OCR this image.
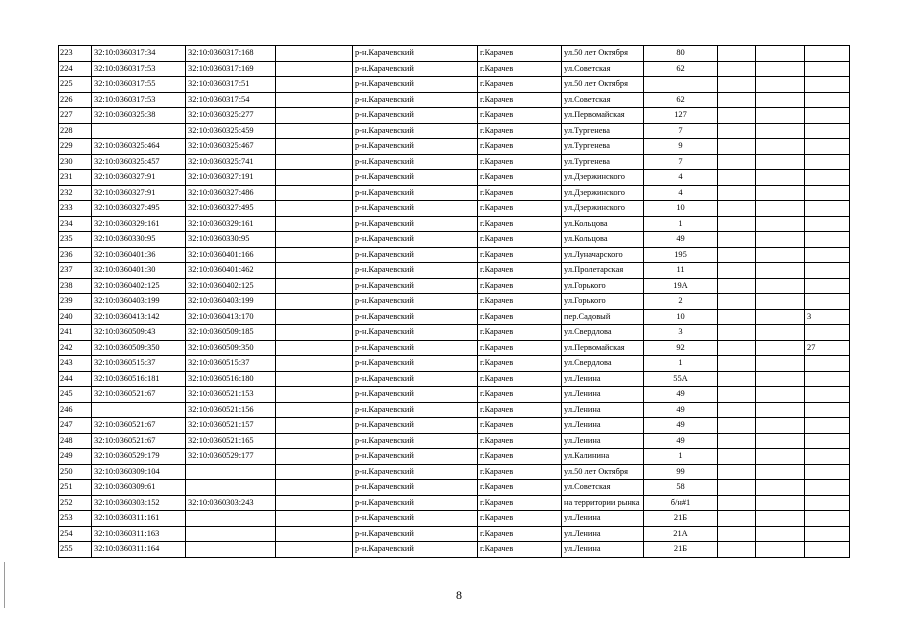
223	32:10:0360317:34	32:10:0360317:168		р-н.Карачевский	г.Карачев	ул.50 лет Октября	80			
224	32:10:0360317:53	32:10:0360317:169		р-н.Карачевский	г.Карачев	ул.Советская	62			
225	32:10:0360317:55	32:10:0360317:51		р-н.Карачевский	г.Карачев	ул.50 лет Октября				
226	32:10:0360317:53	32:10:0360317:54		р-н.Карачевский	г.Карачев	ул.Советская	62			
227	32:10:0360325:38	32:10:0360325:277		р-н.Карачевский	г.Карачев	ул.Первомайская	127			
228		32:10:0360325:459		р-н.Карачевский	г.Карачев	ул.Тургенева	7			
229	32:10:0360325:464	32:10:0360325:467		р-н.Карачевский	г.Карачев	ул.Тургенева	9			
230	32:10:0360325:457	32:10:0360325:741		р-н.Карачевский	г.Карачев	ул.Тургенева	7			
231	32:10:0360327:91	32:10:0360327:191		р-н.Карачевский	г.Карачев	ул.Дзержинского	4			
232	32:10:0360327:91	32:10:0360327:486		р-н.Карачевский	г.Карачев	ул.Дзержинского	4			
233	32:10:0360327:495	32:10:0360327:495		р-н.Карачевский	г.Карачев	ул.Дзержинского	10			
234	32:10:0360329:161	32:10:0360329:161		р-н.Карачевский	г.Карачев	ул.Кольцова	1			
235	32:10:0360330:95	32:10:0360330:95		р-н.Карачевский	г.Карачев	ул.Кольцова	49			
236	32:10:0360401:36	32:10:0360401:166		р-н.Карачевский	г.Карачев	ул.Луначарского	195			
237	32:10:0360401:30	32:10:0360401:462		р-н.Карачевский	г.Карачев	ул.Пролетарская	11			
238	32:10:0360402:125	32:10:0360402:125		р-н.Карачевский	г.Карачев	ул.Горького	19А			
239	32:10:0360403:199	32:10:0360403:199		р-н.Карачевский	г.Карачев	ул.Горького	2			
240	32:10:0360413:142	32:10:0360413:170		р-н.Карачевский	г.Карачев	пер.Садовый	10			3
241	32:10:0360509:43	32:10:0360509:185		р-н.Карачевский	г.Карачев	ул.Свердлова	3			
242	32:10:0360509:350	32:10:0360509:350		р-н.Карачевский	г.Карачев	ул.Первомайская	92			27
243	32:10:0360515:37	32:10:0360515:37		р-н.Карачевский	г.Карачев	ул.Свердлова	1			
244	32:10:0360516:181	32:10:0360516:180		р-н.Карачевский	г.Карачев	ул.Ленина	55А			
245	32:10:0360521:67	32:10:0360521:153		р-н.Карачевский	г.Карачев	ул.Ленина	49			
246		32:10:0360521:156		р-н.Карачевский	г.Карачев	ул.Ленина	49			
247	32:10:0360521:67	32:10:0360521:157		р-н.Карачевский	г.Карачев	ул.Ленина	49			
248	32:10:0360521:67	32:10:0360521:165		р-н.Карачевский	г.Карачев	ул.Ленина	49			
249	32:10:0360529:179	32:10:0360529:177		р-н.Карачевский	г.Карачев	ул.Калинина	1			
250	32:10:0360309:104			р-н.Карачевский	г.Карачев	ул.50 лет Октября	99			
251	32:10:0360309:61			р-н.Карачевский	г.Карачев	ул.Советская	58			
252	32:10:0360303:152	32:10:0360303:243		р-н.Карачевский	г.Карачев	на территории рынка	б/н#1			
253	32:10:0360311:161			р-н.Карачевский	г.Карачев	ул.Ленина	21Б			
254	32:10:0360311:163			р-н.Карачевский	г.Карачев	ул.Ленина	21А			
255	32:10:0360311:164			р-н.Карачевский	г.Карачев	ул.Ленина	21Б			
8
